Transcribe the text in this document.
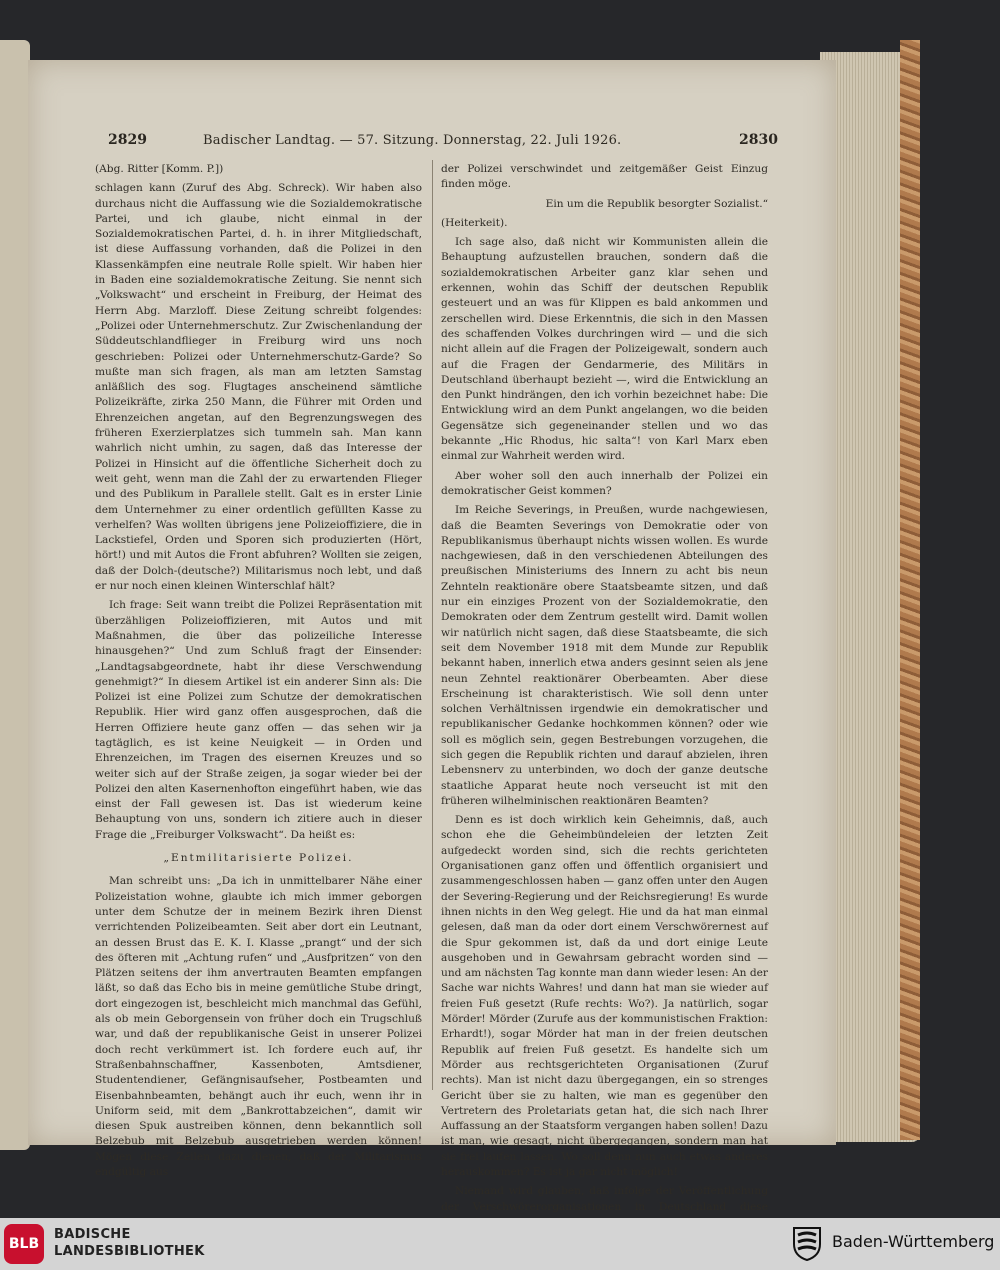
2829	Badischer Landtag. — 57. Sitzung. Donnerstag, 22. Juli 1926.	2830

(Abg. Ritter [Komm. P.])

schlagen kann (Zuruf des Abg. Schreck). Wir haben also durchaus nicht die Auffassung wie die Sozialdemokratische Partei, und ich glaube, nicht einmal in der Sozialdemokratischen Partei, d. h. in ihrer Mitgliedschaft, ist diese Auffassung vorhanden, daß die Polizei in den Klassenkämpfen eine neutrale Rolle spielt. Wir haben hier in Baden eine sozialdemokratische Zeitung. Sie nennt sich „Volkswacht“ und erscheint in Freiburg, der Heimat des Herrn Abg. Marzloff. Diese Zeitung schreibt folgendes: „Polizei oder Unternehmerschutz. Zur Zwischenlandung der Süddeutschlandflieger in Freiburg wird uns noch geschrieben: Polizei oder Unternehmerschutz-Garde? So mußte man sich fragen, als man am letzten Samstag anläßlich des sog. Flugtages anscheinend sämtliche Polizeikräfte, zirka 250 Mann, die Führer mit Orden und Ehrenzeichen angetan, auf den Begrenzungswegen des früheren Exerzierplatzes sich tummeln sah. Man kann wahrlich nicht umhin, zu sagen, daß das Interesse der Polizei in Hinsicht auf die öffentliche Sicherheit doch zu weit geht, wenn man die Zahl der zu erwartenden Flieger und des Publikum in Parallele stellt. Galt es in erster Linie dem Unternehmer zu einer ordentlich gefüllten Kasse zu verhelfen? Was wollten übrigens jene Polizeioffiziere, die in Lackstiefel, Orden und Sporen sich produzierten (Hört, hört!) und mit Autos die Front abfuhren? Wollten sie zeigen, daß der Dolch-(deutsche?) Militarismus noch lebt, und daß er nur noch einen kleinen Winterschlaf hält?

Ich frage: Seit wann treibt die Polizei Repräsentation mit überzähligen Polizeioffizieren, mit Autos und mit Maßnahmen, die über das polizeiliche Interesse hinausgehen?“ Und zum Schluß fragt der Einsender: „Landtagsabgeordnete, habt ihr diese Verschwendung genehmigt?“ In diesem Artikel ist ein anderer Sinn als: Die Polizei ist eine Polizei zum Schutze der demokratischen Republik. Hier wird ganz offen ausgesprochen, daß die Herren Offiziere heute ganz offen — das sehen wir ja tagtäglich, es ist keine Neuigkeit — in Orden und Ehrenzeichen, im Tragen des eisernen Kreuzes und so weiter sich auf der Straße zeigen, ja sogar wieder bei der Polizei den alten Kasernenhofton eingeführt haben, wie das einst der Fall gewesen ist. Das ist wiederum keine Behauptung von uns, sondern ich zitiere auch in dieser Frage die „Freiburger Volkswacht“. Da heißt es:

„Entmilitarisierte Polizei.

Man schreibt uns: „Da ich in unmittelbarer Nähe einer Polizeistation wohne, glaubte ich mich immer geborgen unter dem Schutze der in meinem Bezirk ihren Dienst verrichtenden Polizeibeamten. Seit aber dort ein Leutnant, an dessen Brust das E. K. I. Klasse „prangt“ und der sich des öfteren mit „Achtung rufen“ und „Ausfpritzen“ von den Plätzen seitens der ihm anvertrauten Beamten empfangen läßt, so daß das Echo bis in meine gemütliche Stube dringt, dort eingezogen ist, beschleicht mich manchmal das Gefühl, als ob mein Geborgensein von früher doch ein Trugschluß war, und daß der republikanische Geist in unserer Polizei doch recht verkümmert ist. Ich fordere euch auf, ihr Straßenbahnschaffner, Kassenboten, Amtsdiener, Studentendiener, Gefängnisaufseher, Postbeamten und Eisenbahnbeamten, behängt auch ihr euch, wenn ihr in Uniform seid, mit dem „Bankrottabzeichen“, damit wir diesen Spuk austreiben können, denn bekanntlich soll Belzebub mit Belzebub ausgetrieben werden können! Mögen diese Zeilen dazu dienen, daß der Militarismus endgültig aus

der Polizei verschwindet und zeitgemäßer Geist Einzug finden möge.

Ein um die Republik besorgter Sozialist.“

(Heiterkeit).

Ich sage also, daß nicht wir Kommunisten allein die Behauptung aufzustellen brauchen, sondern daß die sozialdemokratischen Arbeiter ganz klar sehen und erkennen, wohin das Schiff der deutschen Republik gesteuert und an was für Klippen es bald ankommen und zerschellen wird. Diese Erkenntnis, die sich in den Massen des schaffenden Volkes durchringen wird — und die sich nicht allein auf die Fragen der Polizeigewalt, sondern auch auf die Fragen der Gendarmerie, des Militärs in Deutschland überhaupt bezieht —, wird die Entwicklung an den Punkt hindrängen, den ich vorhin bezeichnet habe: Die Entwicklung wird an dem Punkt angelangen, wo die beiden Gegensätze sich gegeneinander stellen und wo das bekannte „Hic Rhodus, hic salta“! von Karl Marx eben einmal zur Wahrheit werden wird.

Aber woher soll den auch innerhalb der Polizei ein demokratischer Geist kommen?

Im Reiche Severings, in Preußen, wurde nachgewiesen, daß die Beamten Severings von Demokratie oder von Republikanismus überhaupt nichts wissen wollen. Es wurde nachgewiesen, daß in den verschiedenen Abteilungen des preußischen Ministeriums des Innern zu acht bis neun Zehnteln reaktionäre obere Staatsbeamte sitzen, und daß nur ein einziges Prozent von der Sozialdemokratie, den Demokraten oder dem Zentrum gestellt wird. Damit wollen wir natürlich nicht sagen, daß diese Staatsbeamte, die sich seit dem November 1918 mit dem Munde zur Republik bekannt haben, innerlich etwa anders gesinnt seien als jene neun Zehntel reaktionärer Oberbeamten. Aber diese Erscheinung ist charakteristisch. Wie soll denn unter solchen Verhältnissen irgendwie ein demokratischer und republikanischer Gedanke hochkommen können? oder wie soll es möglich sein, gegen Bestrebungen vorzugehen, die sich gegen die Republik richten und darauf abzielen, ihren Lebensnerv zu unterbinden, wo doch der ganze deutsche staatliche Apparat heute noch verseucht ist mit den früheren wilhelminischen reaktionären Beamten?

Denn es ist doch wirklich kein Geheimnis, daß, auch schon ehe die Geheimbündeleien der letzten Zeit aufgedeckt worden sind, sich die rechts gerichteten Organisationen ganz offen und öffentlich organisiert und zusammengeschlossen haben — ganz offen unter den Augen der Severing-Regierung und der Reichsregierung! Es wurde ihnen nichts in den Weg gelegt. Hie und da hat man einmal gelesen, daß man da oder dort einem Verschwörernest auf die Spur gekommen ist, daß da und dort einige Leute ausgehoben und in Gewahrsam gebracht worden sind — und am nächsten Tag konnte man dann wieder lesen: An der Sache war nichts Wahres! und dann hat man sie wieder auf freien Fuß gesetzt (Rufe rechts: Wo?). Ja natürlich, sogar Mörder! Mörder (Zurufe aus der kommunistischen Fraktion: Erhardt!), sogar Mörder hat man in der freien deutschen Republik auf freien Fuß gesetzt. Es handelte sich um Mörder aus rechtsgerichteten Organisationen (Zuruf rechts). Man ist nicht dazu übergegangen, ein so strenges Gericht über sie zu halten, wie man es gegenüber den Vertretern des Proletariats getan hat, die sich nach Ihrer Auffassung an der Staatsform vergangen haben sollen! Dazu ist man, wie gesagt, nicht übergegangen, sondern man hat sie frei laufen lassen. Wo soll denn nun auch etwas anderes herauskommen? Es ist ja gar nicht möglich!

Niemand wird glauben, daß infolge der Veröffentlichung der Verschwörerorganisationen in Deutschland diese

BLB
BADISCHE
LANDESBIBLIOTHEK
Baden-Württemberg
